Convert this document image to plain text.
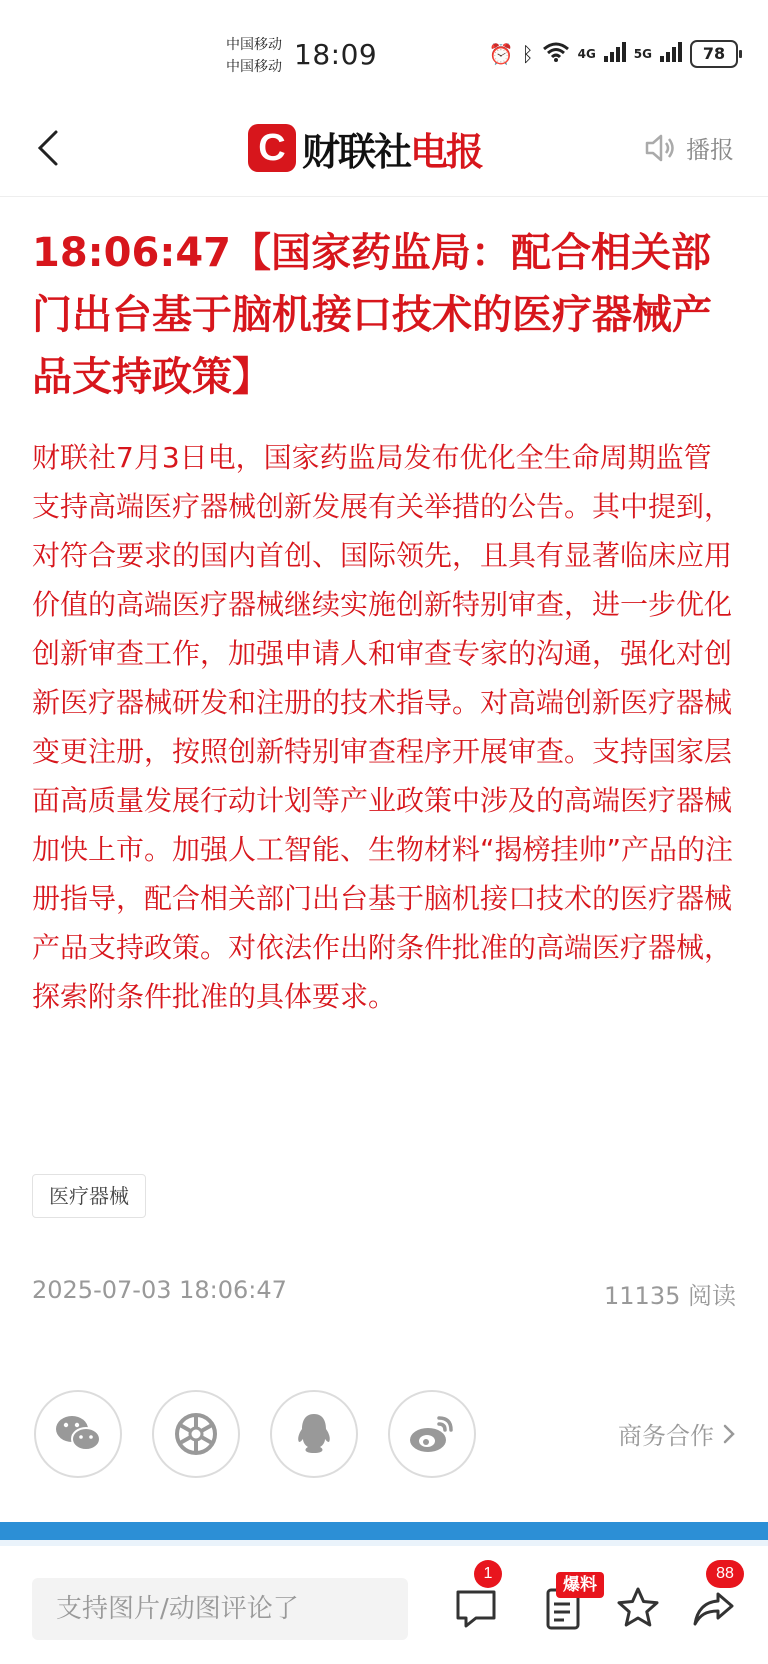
中国移动
中国移动 18:09	⏰ ᛒ	4G	5G	78
C 财联社 电报	播报
18:06:47【国家药监局：配合相关部门出台基于脑机接口技术的医疗器械产品支持政策】

财联社7月3日电，国家药监局发布优化全生命周期监管支持高端医疗器械创新发展有关举措的公告。其中提到，对符合要求的国内首创、国际领先，且具有显著临床应用价值的高端医疗器械继续实施创新特别审查，进一步优化创新审查工作，加强申请人和审查专家的沟通，强化对创新医疗器械研发和注册的技术指导。对高端创新医疗器械变更注册，按照创新特别审查程序开展审查。支持国家层面高质量发展行动计划等产业政策中涉及的高端医疗器械加快上市。加强人工智能、生物材料“揭榜挂帅”产品的注册指导，配合相关部门出台基于脑机接口技术的医疗器械产品支持政策。对依法作出附条件批准的高端医疗器械，探索附条件批准的具体要求。

医疗器械
2025-07-03 18:06:47	11135 阅读
商务合作
支持图片/动图评论了
1
爆料
88
